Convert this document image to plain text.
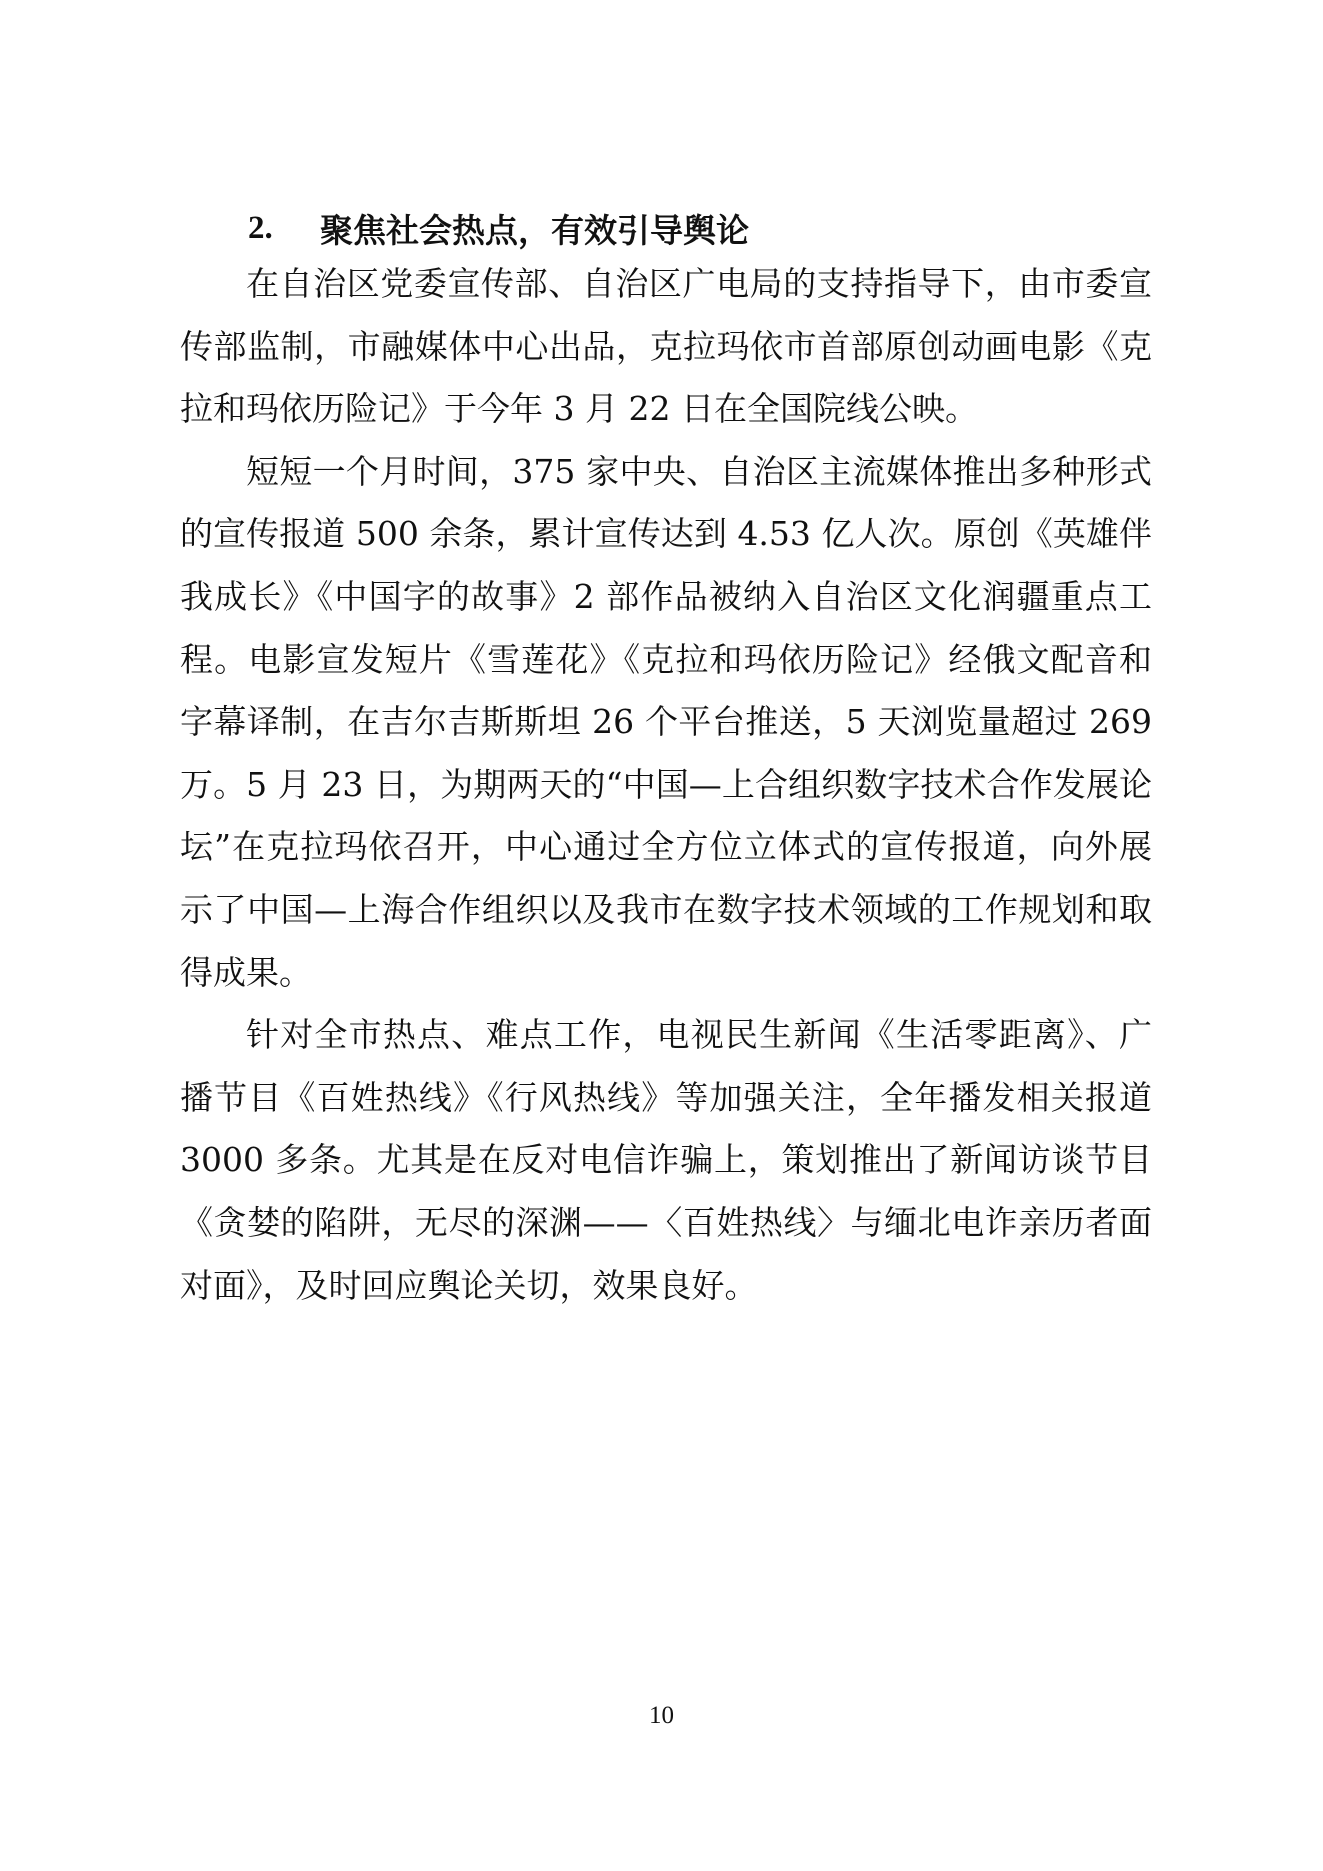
2.	聚焦社会热点，有效引导舆论

在自治区党委宣传部、自治区广电局的支持指导下，由市委宣传部监制，市融媒体中心出品，克拉玛依市首部原创动画电影《克拉和玛依历险记》于今年 3 月 22 日在全国院线公映。

短短一个月时间，375 家中央、自治区主流媒体推出多种形式的宣传报道 500 余条，累计宣传达到 4.53 亿人次。原创《英雄伴我成长》《中国字的故事》2 部作品被纳入自治区文化润疆重点工程。电影宣发短片《雪莲花》《克拉和玛依历险记》经俄文配音和字幕译制，在吉尔吉斯斯坦 26 个平台推送，5 天浏览量超过 269 万。5 月 23 日，为期两天的“中国—上合组织数字技术合作发展论坛”在克拉玛依召开，中心通过全方位立体式的宣传报道，向外展示了中国—上海合作组织以及我市在数字技术领域的工作规划和取得成果。

针对全市热点、难点工作，电视民生新闻《生活零距离》、广播节目《百姓热线》《行风热线》等加强关注，全年播发相关报道 3000 多条。尤其是在反对电信诈骗上，策划推出了新闻访谈节目《贪婪的陷阱，无尽的深渊——〈百姓热线〉与缅北电诈亲历者面对面》，及时回应舆论关切，效果良好。

10
